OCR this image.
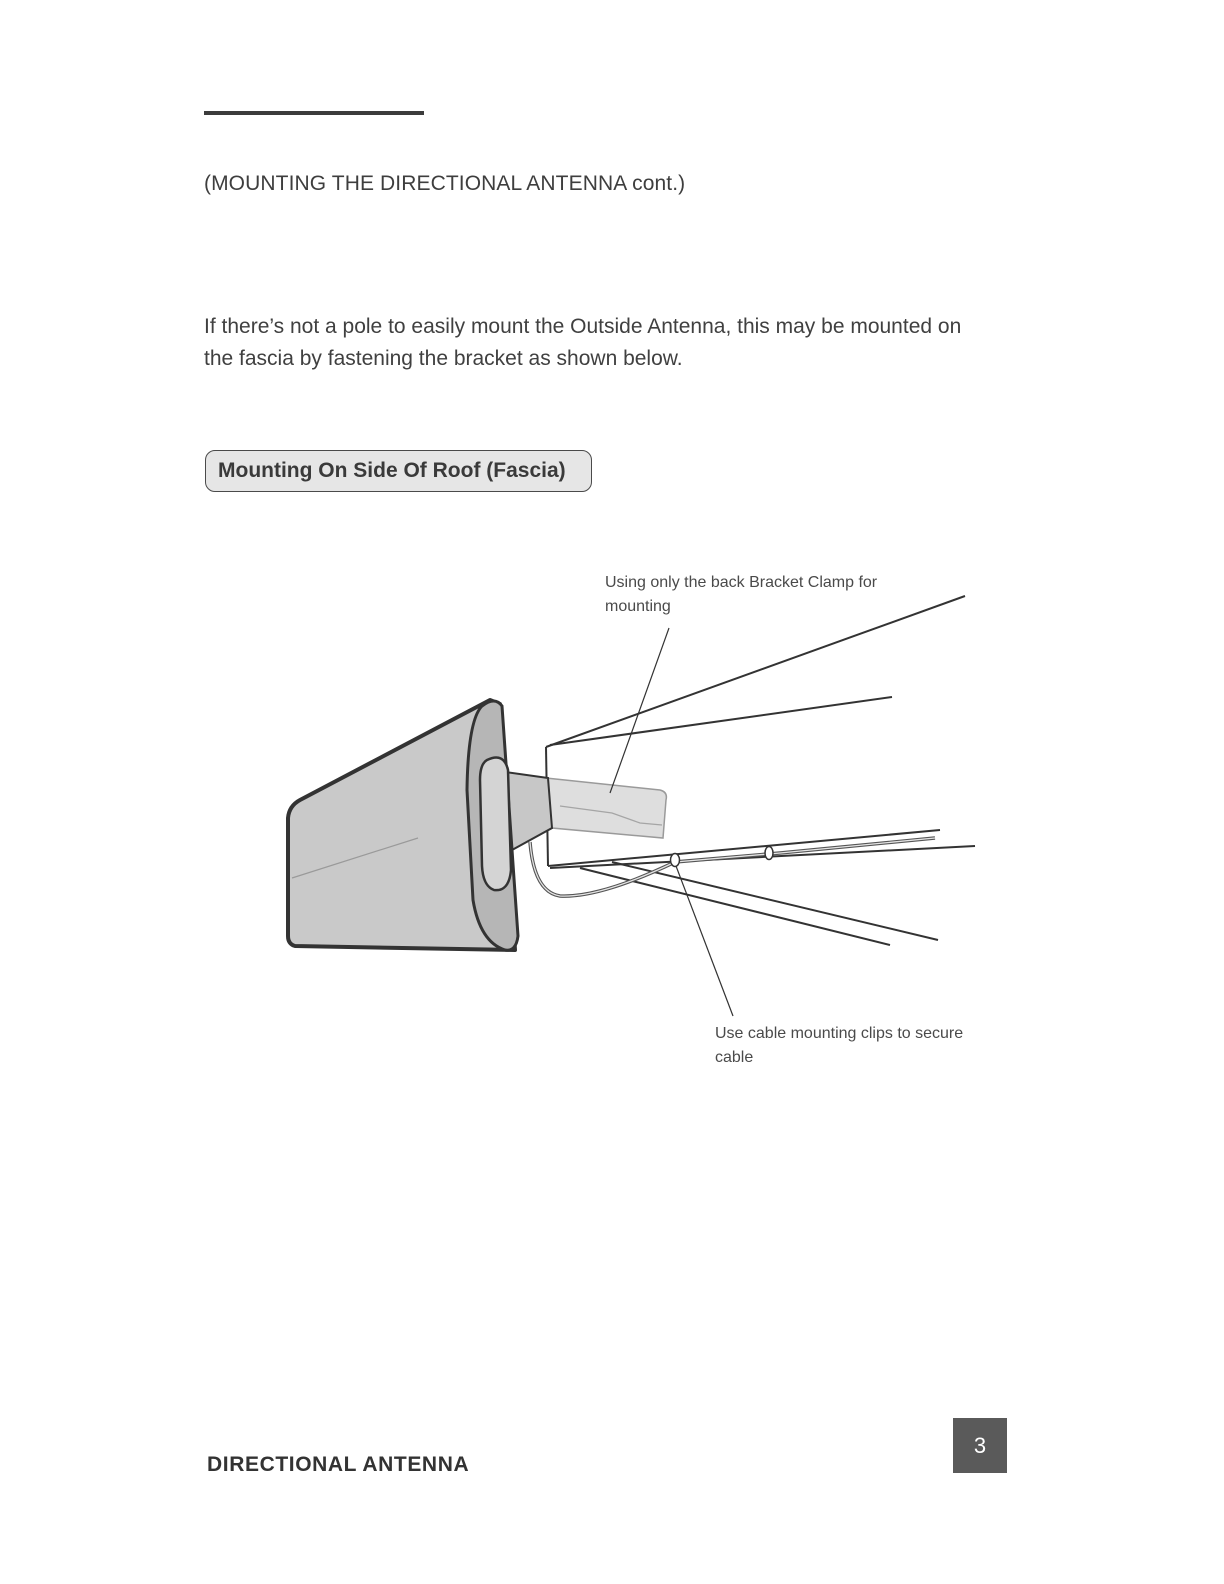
(MOUNTING THE DIRECTIONAL ANTENNA cont.)
If there’s not a pole to easily mount the Outside Antenna, this may be mounted on the fascia by fastening the bracket as shown below.
Mounting On Side Of Roof (Fascia)
Using only the back Bracket Clamp for mounting
Use cable mounting clips to secure cable
DIRECTIONAL ANTENNA
3
